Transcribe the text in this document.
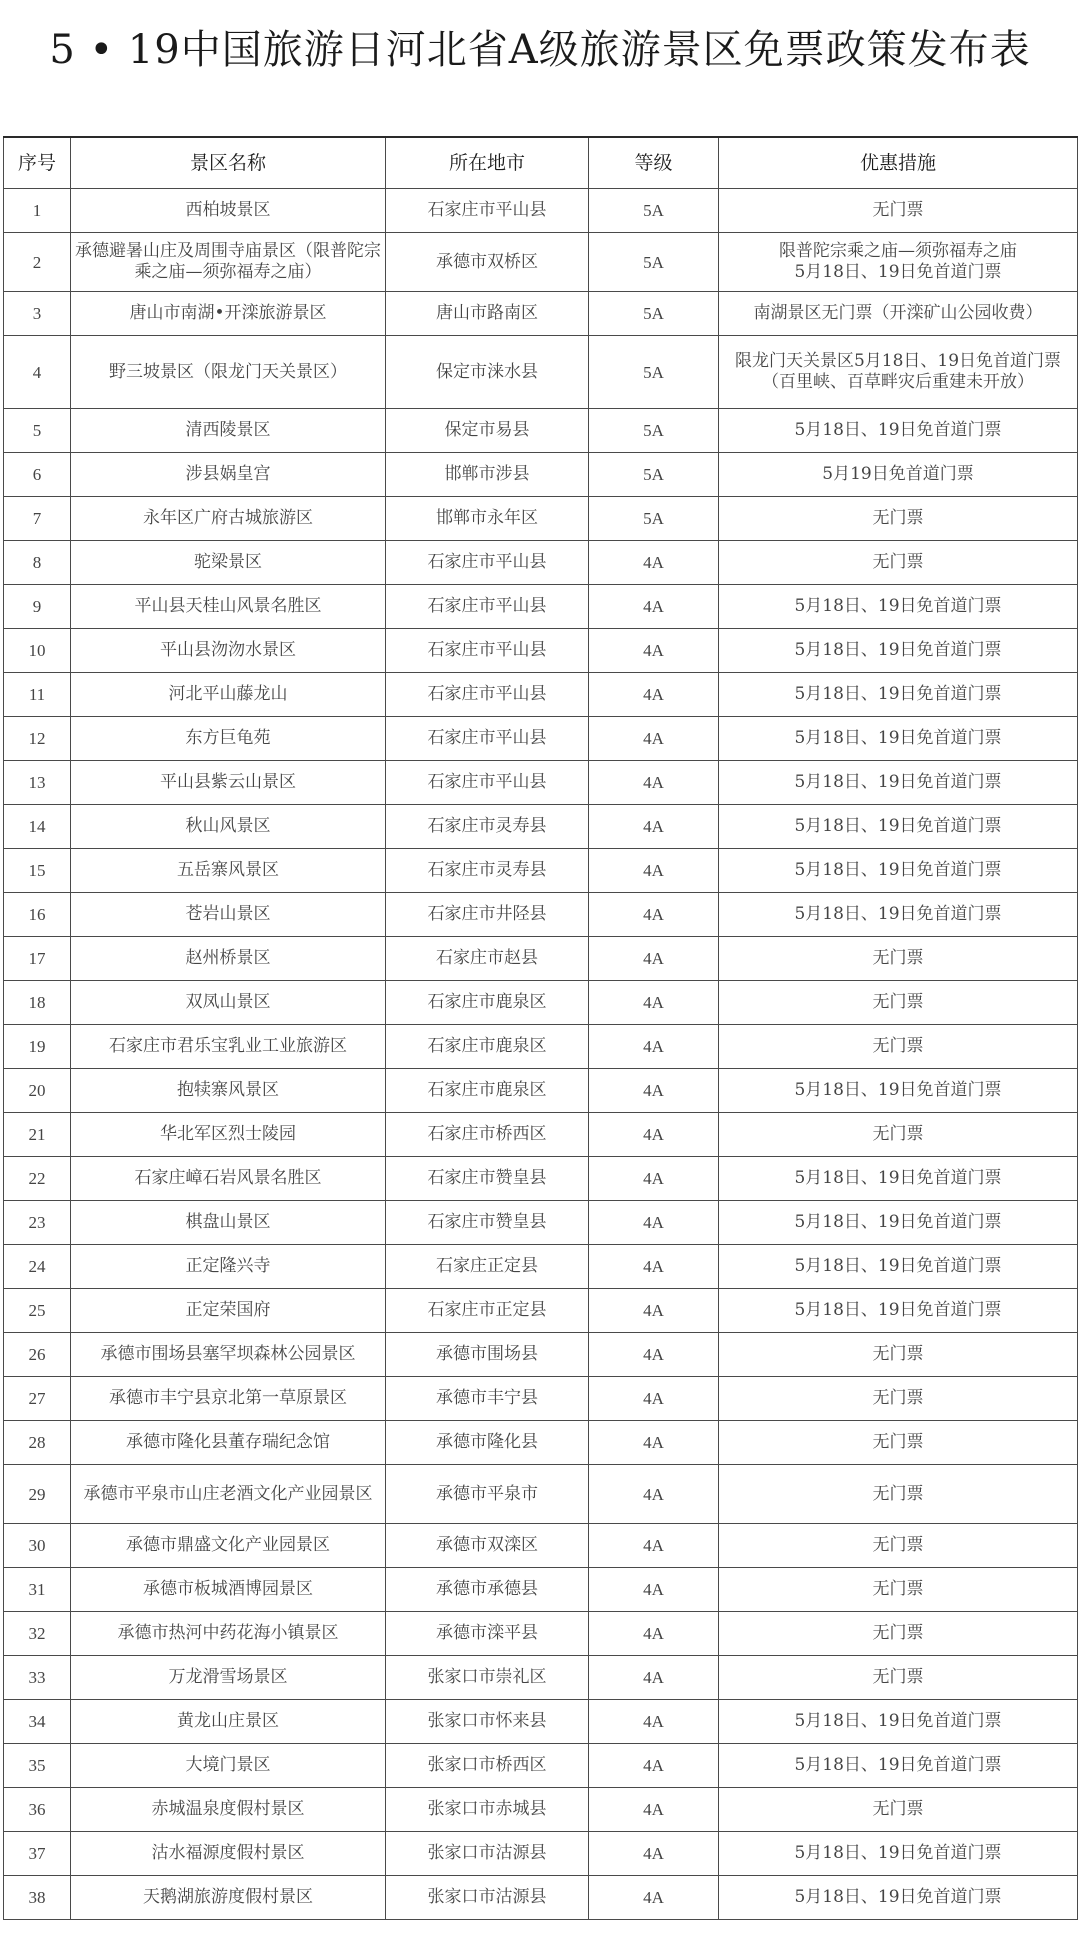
5 • 19中国旅游日河北省A级旅游景区免票政策发布表
序号	景区名称	所在地市	等级	优惠措施
1	西柏坡景区	石家庄市平山县	5A	无门票

2	承德避暑山庄及周围寺庙景区（限普陀宗乘之庙—须弥福寿之庙）	承德市双桥区	5A	限普陀宗乘之庙—须弥福寿之庙
5月18日、19日免首道门票

3	唐山市南湖•开滦旅游景区	唐山市路南区	5A	南湖景区无门票（开滦矿山公园收费）

4	野三坡景区（限龙门天关景区）	保定市涞水县	5A	限龙门天关景区5月18日、19日免首道门票
（百里峡、百草畔灾后重建未开放）

5	清西陵景区	保定市易县	5A	5月18日、19日免首道门票

6	涉县娲皇宫	邯郸市涉县	5A	5月19日免首道门票

7	永年区广府古城旅游区	邯郸市永年区	5A	无门票

8	驼梁景区	石家庄市平山县	4A	无门票

9	平山县天桂山风景名胜区	石家庄市平山县	4A	5月18日、19日免首道门票

10	平山县沕沕水景区	石家庄市平山县	4A	5月18日、19日免首道门票

11	河北平山藤龙山	石家庄市平山县	4A	5月18日、19日免首道门票

12	东方巨龟苑	石家庄市平山县	4A	5月18日、19日免首道门票

13	平山县紫云山景区	石家庄市平山县	4A	5月18日、19日免首道门票

14	秋山风景区	石家庄市灵寿县	4A	5月18日、19日免首道门票

15	五岳寨风景区	石家庄市灵寿县	4A	5月18日、19日免首道门票

16	苍岩山景区	石家庄市井陉县	4A	5月18日、19日免首道门票

17	赵州桥景区	石家庄市赵县	4A	无门票

18	双凤山景区	石家庄市鹿泉区	4A	无门票

19	石家庄市君乐宝乳业工业旅游区	石家庄市鹿泉区	4A	无门票

20	抱犊寨风景区	石家庄市鹿泉区	4A	5月18日、19日免首道门票

21	华北军区烈士陵园	石家庄市桥西区	4A	无门票

22	石家庄嶂石岩风景名胜区	石家庄市赞皇县	4A	5月18日、19日免首道门票

23	棋盘山景区	石家庄市赞皇县	4A	5月18日、19日免首道门票

24	正定隆兴寺	石家庄正定县	4A	5月18日、19日免首道门票

25	正定荣国府	石家庄市正定县	4A	5月18日、19日免首道门票

26	承德市围场县塞罕坝森林公园景区	承德市围场县	4A	无门票

27	承德市丰宁县京北第一草原景区	承德市丰宁县	4A	无门票

28	承德市隆化县董存瑞纪念馆	承德市隆化县	4A	无门票

29	承德市平泉市山庄老酒文化产业园景区	承德市平泉市	4A	无门票

30	承德市鼎盛文化产业园景区	承德市双滦区	4A	无门票

31	承德市板城酒博园景区	承德市承德县	4A	无门票

32	承德市热河中药花海小镇景区	承德市滦平县	4A	无门票

33	万龙滑雪场景区	张家口市崇礼区	4A	无门票

34	黄龙山庄景区	张家口市怀来县	4A	5月18日、19日免首道门票

35	大境门景区	张家口市桥西区	4A	5月18日、19日免首道门票

36	赤城温泉度假村景区	张家口市赤城县	4A	无门票

37	沽水福源度假村景区	张家口市沽源县	4A	5月18日、19日免首道门票

38	天鹅湖旅游度假村景区	张家口市沽源县	4A	5月18日、19日免首道门票
